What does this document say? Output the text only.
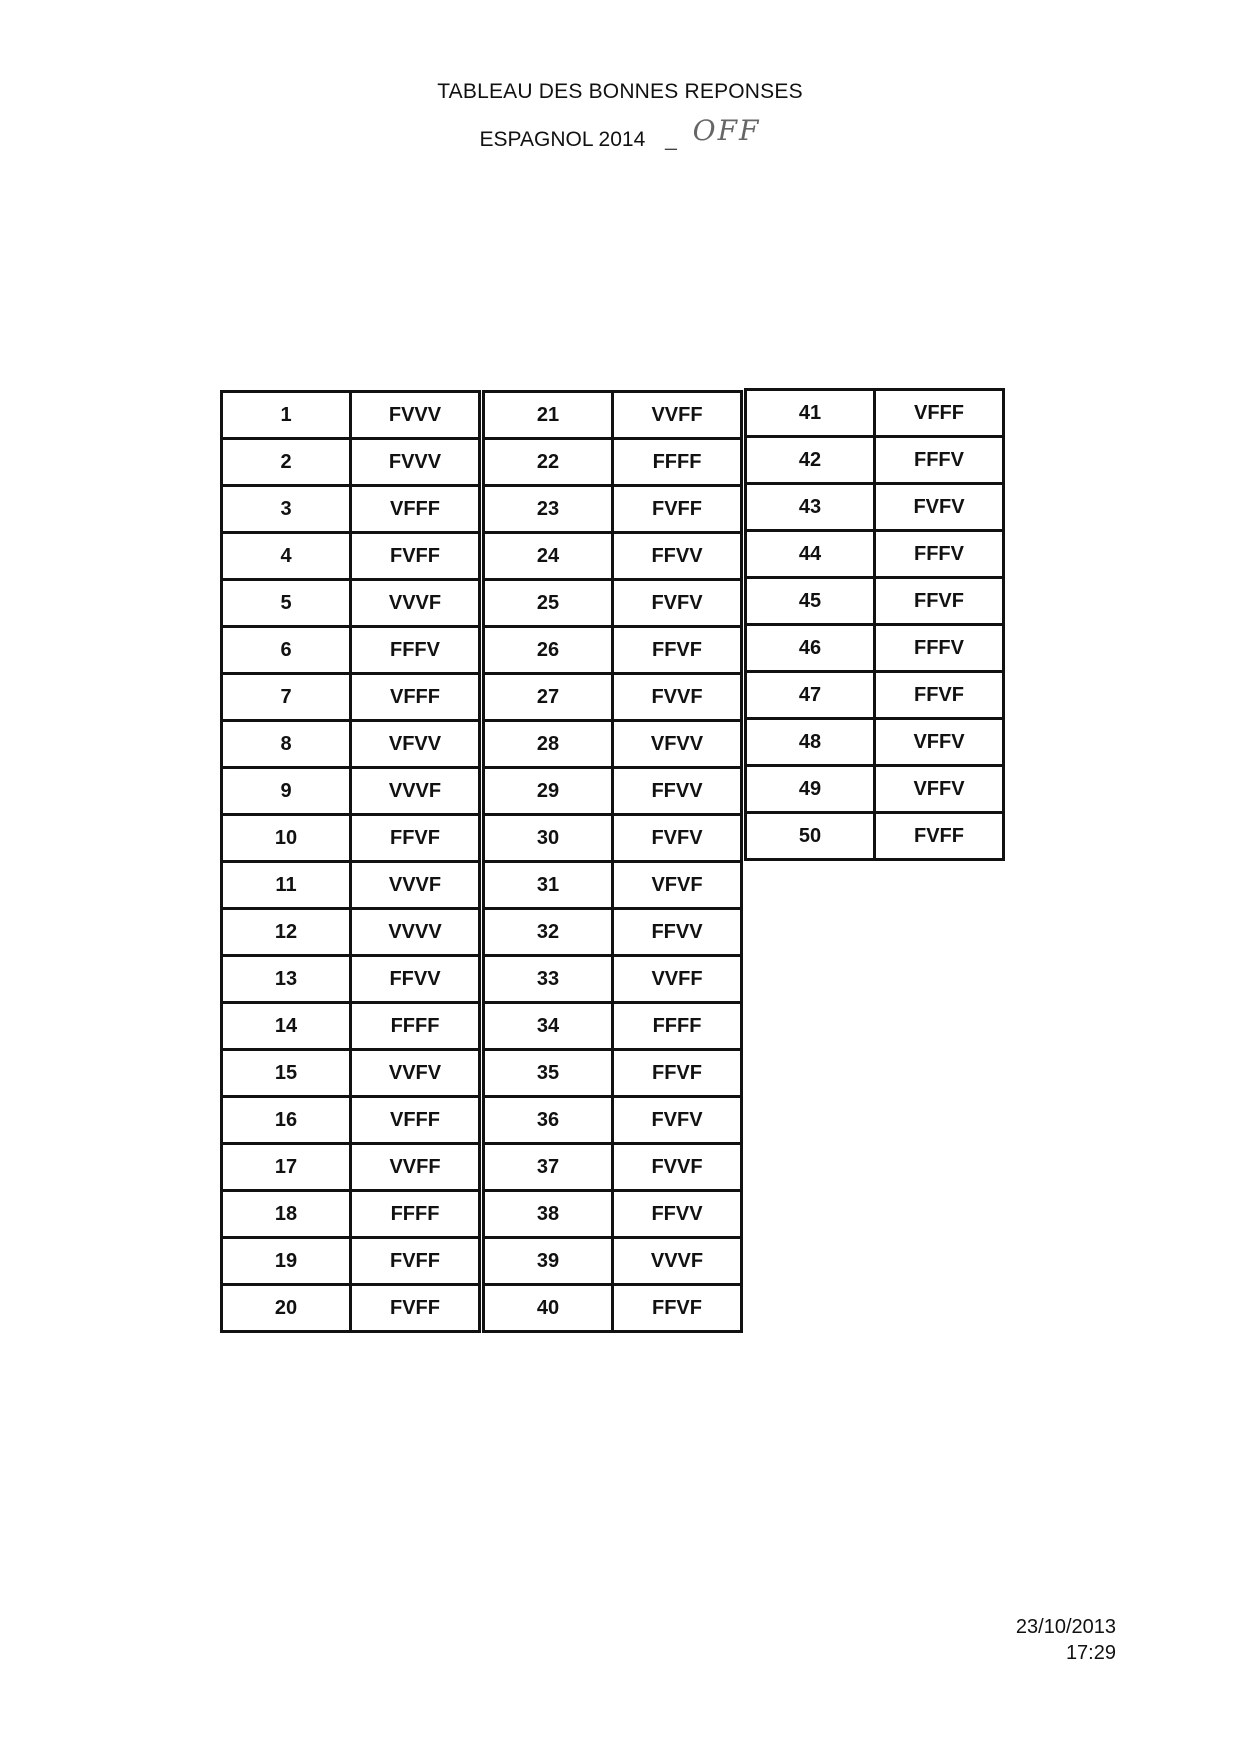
TABLEAU DES BONNES REPONSES
ESPAGNOL 2014 _ OFF
1	FVVV
2	FVVV
3	VFFF
4	FVFF
5	VVVF
6	FFFV
7	VFFF
8	VFVV
9	VVVF
10	FFVF
11	VVVF
12	VVVV
13	FFVV
14	FFFF
15	VVFV
16	VFFF
17	VVFF
18	FFFF
19	FVFF
20	FVFF
21	VVFF
22	FFFF
23	FVFF
24	FFVV
25	FVFV
26	FFVF
27	FVVF
28	VFVV
29	FFVV
30	FVFV
31	VFVF
32	FFVV
33	VVFF
34	FFFF
35	FFVF
36	FVFV
37	FVVF
38	FFVV
39	VVVF
40	FFVF
41	VFFF
42	FFFV
43	FVFV
44	FFFV
45	FFVF
46	FFFV
47	FFVF
48	VFFV
49	VFFV
50	FVFF
23/10/2013
17:29
